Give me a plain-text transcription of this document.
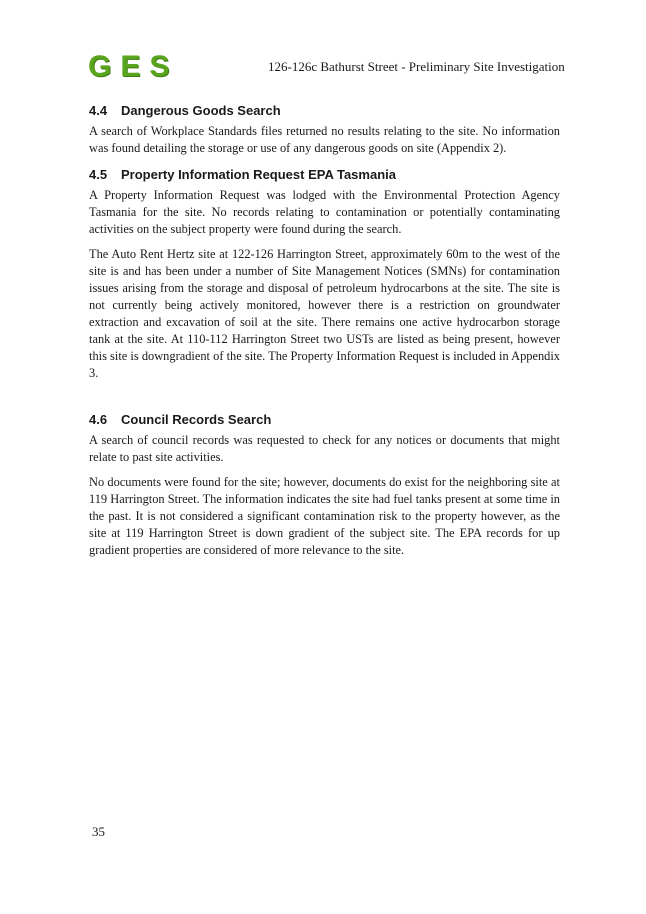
GES	126-126c Bathurst Street - Preliminary Site Investigation
4.4	Dangerous Goods Search

A search of Workplace Standards files returned no results relating to the site. No information was found detailing the storage or use of any dangerous goods on site (Appendix 2).

4.5	Property Information Request EPA Tasmania

A Property Information Request was lodged with the Environmental Protection Agency Tasmania for the site. No records relating to contamination or potentially contaminating activities on the subject property were found during the search.

The Auto Rent Hertz site at 122-126 Harrington Street, approximately 60m to the west of the site is and has been under a number of Site Management Notices (SMNs) for contamination issues arising from the storage and disposal of petroleum hydrocarbons at the site. The site is not currently being actively monitored, however there is a restriction on groundwater extraction and excavation of soil at the site. There remains one active hydrocarbon storage tank at the site. At 110-112 Harrington Street two USTs are listed as being present, however this site is downgradient of the site. The Property Information Request is included in Appendix 3.

4.6	Council Records Search

A search of council records was requested to check for any notices or documents that might relate to past site activities.

No documents were found for the site; however, documents do exist for the neighboring site at 119 Harrington Street. The information indicates the site had fuel tanks present at some time in the past. It is not considered a significant contamination risk to the property however, as the site at 119 Harrington Street is down gradient of the subject site. The EPA records for up gradient properties are considered of more relevance to the site.

35
